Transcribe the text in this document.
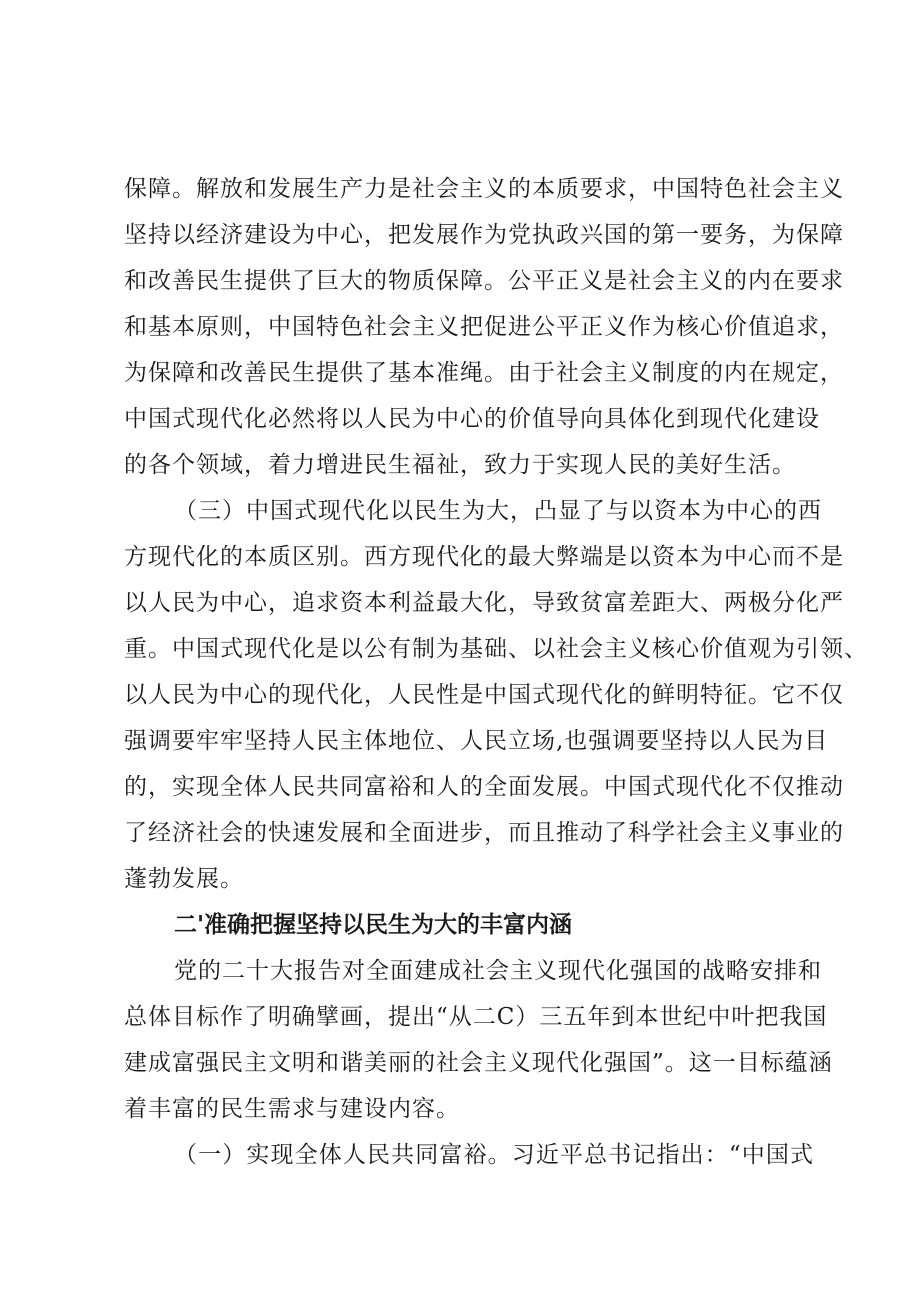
保障。解放和发展生产力是社会主义的本质要求，中国特色社会主义
坚持以经济建设为中心，把发展作为党执政兴国的第一要务，为保障
和改善民生提供了巨大的物质保障。公平正义是社会主义的内在要求
和基本原则，中国特色社会主义把促进公平正义作为核心价值追求，
为保障和改善民生提供了基本准绳。由于社会主义制度的内在规定，
中国式现代化必然将以人民为中心的价值导向具体化到现代化建设
的各个领域，着力增进民生福祉，致力于实现人民的美好生活。
（三）中国式现代化以民生为大，凸显了与以资本为中心的西
方现代化的本质区别。西方现代化的最大弊端是以资本为中心而不是
以人民为中心，追求资本利益最大化，导致贫富差距大、两极分化严
重。中国式现代化是以公有制为基础、以社会主义核心价值观为引领、
以人民为中心的现代化，人民性是中国式现代化的鲜明特征。它不仅
强调要牢牢坚持人民主体地位、人民立场,也强调要坚持以人民为目
的，实现全体人民共同富裕和人的全面发展。中国式现代化不仅推动
了经济社会的快速发展和全面进步，而且推动了科学社会主义事业的
蓬勃发展。
二'准确把握坚持以民生为大的丰富内涵
党的二十大报告对全面建成社会主义现代化强国的战略安排和
总体目标作了明确擘画，提出“从二C）三五年到本世纪中叶把我国
建成富强民主文明和谐美丽的社会主义现代化强国”。这一目标蕴涵
着丰富的民生需求与建设内容。
（一）实现全体人民共同富裕。习近平总书记指出：“中国式
